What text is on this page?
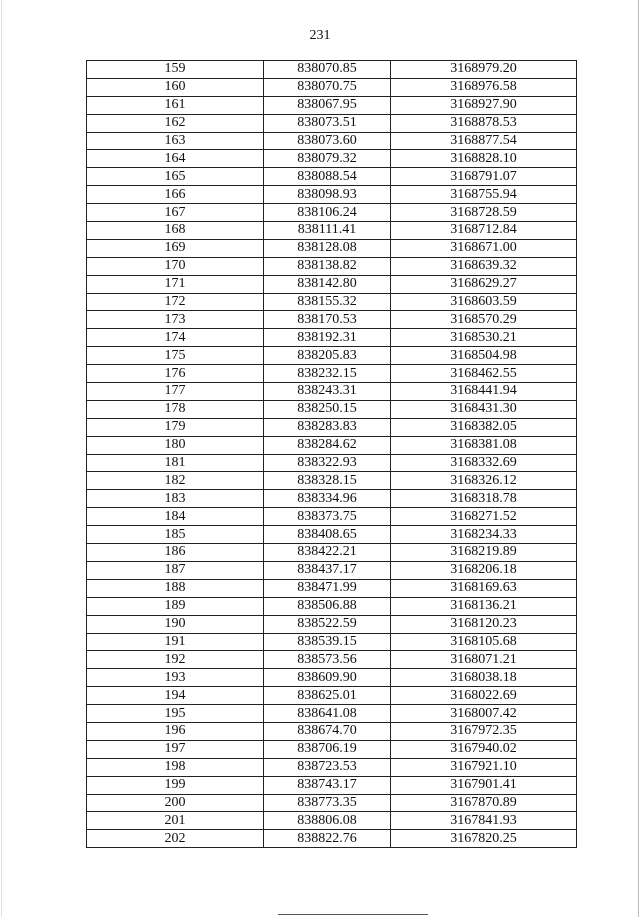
231
159	838070.85	3168979.20
160	838070.75	3168976.58
161	838067.95	3168927.90
162	838073.51	3168878.53
163	838073.60	3168877.54
164	838079.32	3168828.10
165	838088.54	3168791.07
166	838098.93	3168755.94
167	838106.24	3168728.59
168	838111.41	3168712.84
169	838128.08	3168671.00
170	838138.82	3168639.32
171	838142.80	3168629.27
172	838155.32	3168603.59
173	838170.53	3168570.29
174	838192.31	3168530.21
175	838205.83	3168504.98
176	838232.15	3168462.55
177	838243.31	3168441.94
178	838250.15	3168431.30
179	838283.83	3168382.05
180	838284.62	3168381.08
181	838322.93	3168332.69
182	838328.15	3168326.12
183	838334.96	3168318.78
184	838373.75	3168271.52
185	838408.65	3168234.33
186	838422.21	3168219.89
187	838437.17	3168206.18
188	838471.99	3168169.63
189	838506.88	3168136.21
190	838522.59	3168120.23
191	838539.15	3168105.68
192	838573.56	3168071.21
193	838609.90	3168038.18
194	838625.01	3168022.69
195	838641.08	3168007.42
196	838674.70	3167972.35
197	838706.19	3167940.02
198	838723.53	3167921.10
199	838743.17	3167901.41
200	838773.35	3167870.89
201	838806.08	3167841.93
202	838822.76	3167820.25
